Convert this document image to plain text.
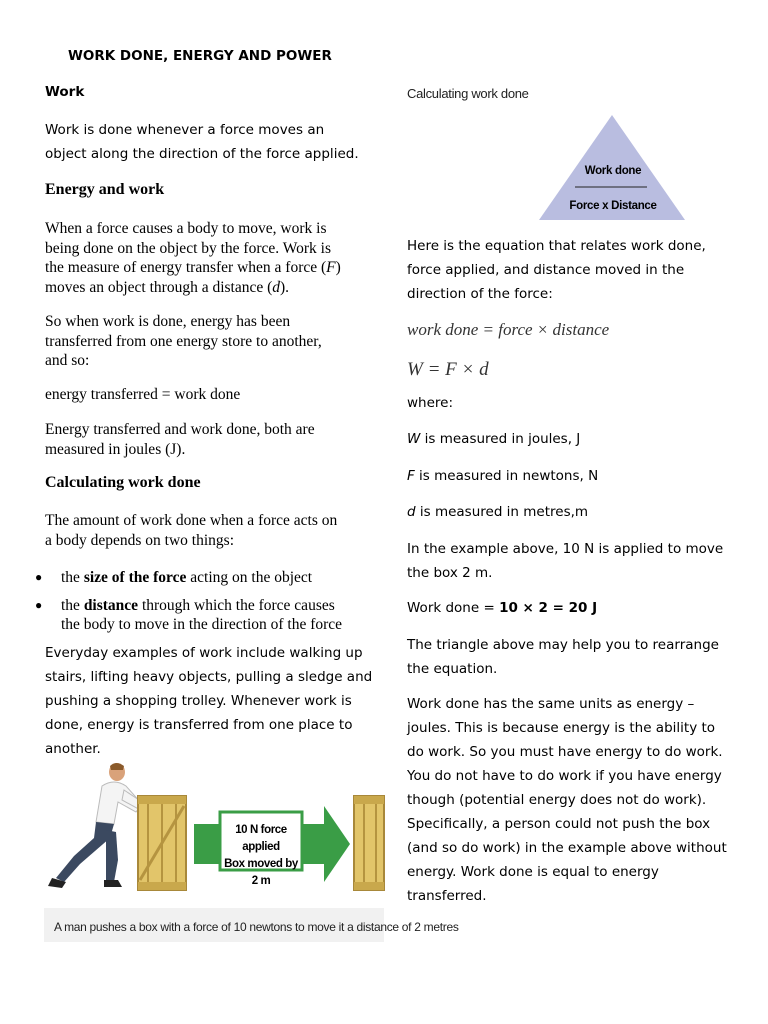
WORK DONE, ENERGY AND POWER
Work
Work is done whenever a force moves an
object along the direction of the force applied.
Energy and work
When a force causes a body to move, work is
being done on the object by the force. Work is
the measure of energy transfer when a force (F)
moves an object through a distance (d).
So when work is done, energy has been
transferred from one energy store to another,
and so:
energy transferred = work done
Energy transferred and work done, both are
measured in joules (J).
Calculating work done
The amount of work done when a force acts on
a body depends on two things:
● the size of the force acting on the object
● the distance through which the force causes
the body to move in the direction of the force
Everyday examples of work include walking up
stairs, lifting heavy objects, pulling a sledge and
pushing a shopping trolley. Whenever work is
done, energy is transferred from one place to
another.
10 N force applied
Box moved by 2 m
A man pushes a box with a force of 10 newtons to move it a distance of 2 metres
Calculating work done
Work done
Force x Distance
Here is the equation that relates work done,
force applied, and distance moved in the
direction of the force:
work done = force × distance
W = F × d
where:
W is measured in joules, J
F is measured in newtons, N
d is measured in metres,m
In the example above, 10 N is applied to move
the box 2 m.
Work done = 10 × 2 = 20 J
The triangle above may help you to rearrange
the equation.
Work done has the same units as energy –
joules. This is because energy is the ability to
do work. So you must have energy to do work.
You do not have to do work if you have energy
though (potential energy does not do work).
Specifically, a person could not push the box
(and so do work) in the example above without
energy. Work done is equal to energy
transferred.
